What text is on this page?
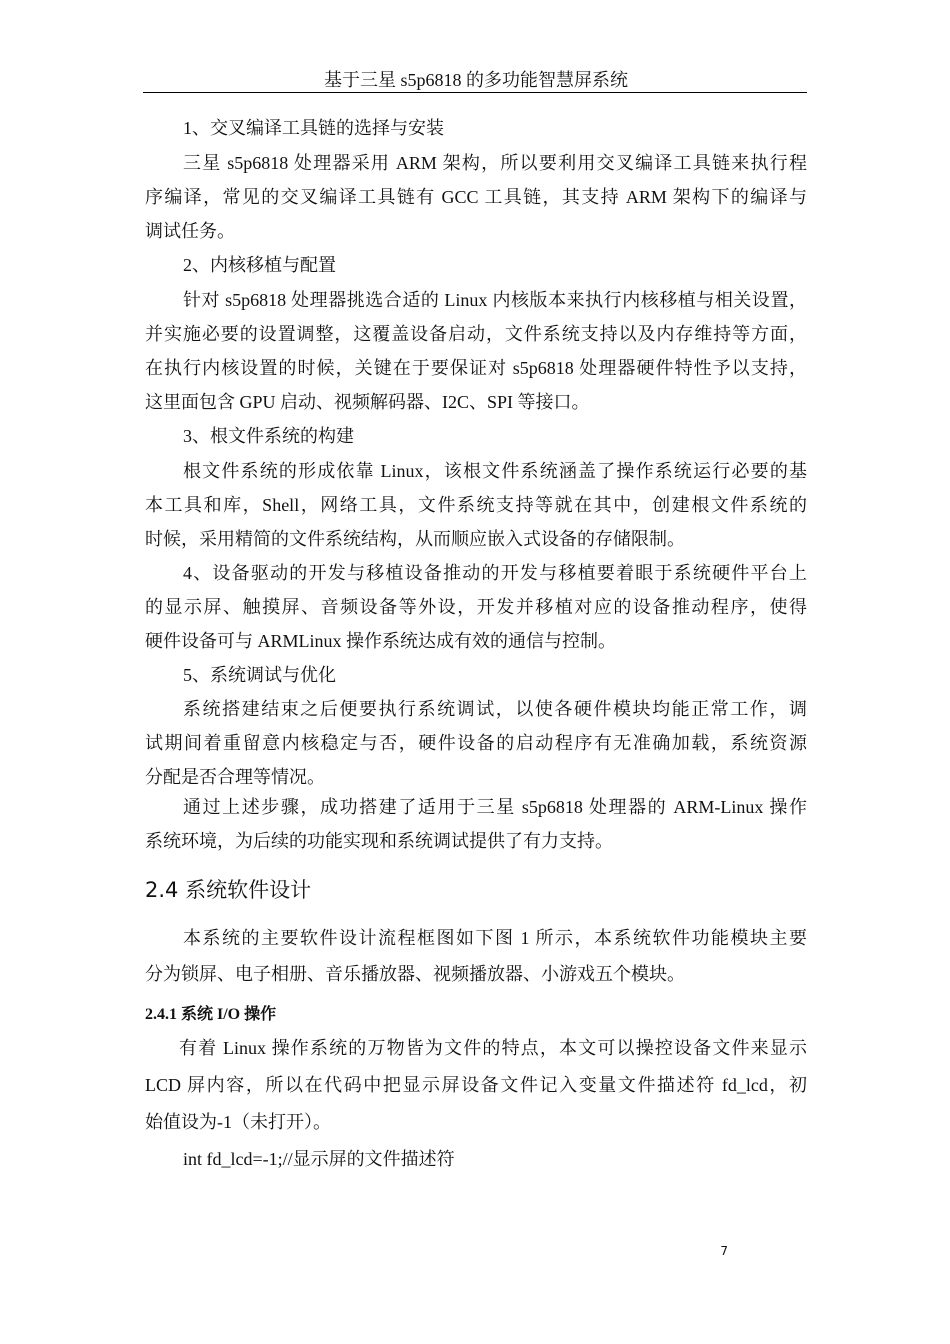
基于三星 s5p6818 的多功能智慧屏系统
1、交叉编译工具链的选择与安装
三星 s5p6818 处理器采用 ARM 架构，所以要利用交叉编译工具链来执行程
序编译，常见的交叉编译工具链有 GCC 工具链，其支持 ARM 架构下的编译与
调试任务。
2、内核移植与配置
针对 s5p6818 处理器挑选合适的 Linux 内核版本来执行内核移植与相关设置，
并实施必要的设置调整，这覆盖设备启动，文件系统支持以及内存维持等方面，
在执行内核设置的时候，关键在于要保证对 s5p6818 处理器硬件特性予以支持，
这里面包含 GPU 启动、视频解码器、I2C、SPI 等接口。
3、根文件系统的构建
根文件系统的形成依靠 Linux，该根文件系统涵盖了操作系统运行必要的基
本工具和库，Shell，网络工具，文件系统支持等就在其中，创建根文件系统的
时候，采用精简的文件系统结构，从而顺应嵌入式设备的存储限制。
4、设备驱动的开发与移植设备推动的开发与移植要着眼于系统硬件平台上
的显示屏、触摸屏、音频设备等外设，开发并移植对应的设备推动程序，使得
硬件设备可与 ARMLinux 操作系统达成有效的通信与控制。
5、系统调试与优化
系统搭建结束之后便要执行系统调试，以使各硬件模块均能正常工作，调
试期间着重留意内核稳定与否，硬件设备的启动程序有无准确加载，系统资源
分配是否合理等情况。
通过上述步骤，成功搭建了适用于三星 s5p6818 处理器的 ARM-Linux 操作
系统环境，为后续的功能实现和系统调试提供了有力支持。
2.4 系统软件设计
本系统的主要软件设计流程框图如下图 1 所示，本系统软件功能模块主要
分为锁屏、电子相册、音乐播放器、视频播放器、小游戏五个模块。
2.4.1 系统 I/O 操作
有着 Linux 操作系统的万物皆为文件的特点，本文可以操控设备文件来显示
LCD 屏内容，所以在代码中把显示屏设备文件记入变量文件描述符 fd_lcd，初
始值设为-1（未打开）。
int fd_lcd=-1;//显示屏的文件描述符
7
